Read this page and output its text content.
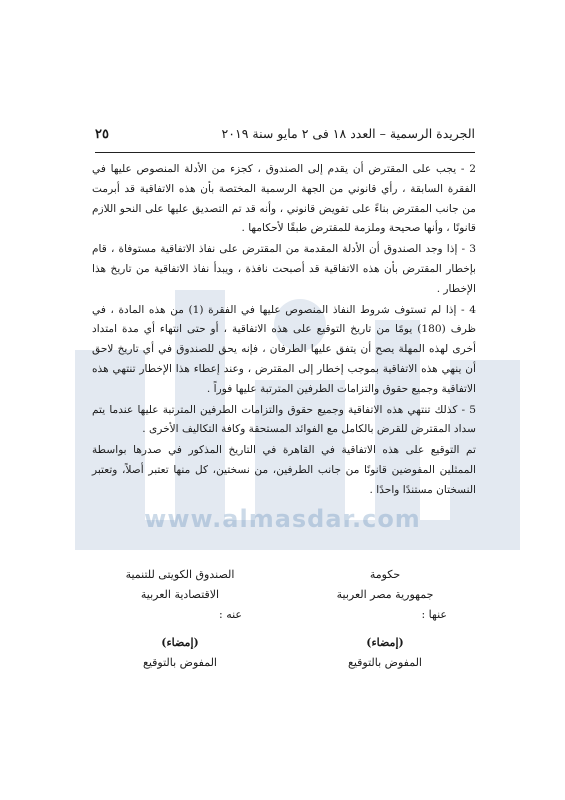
www.almasdar.com
الجريدة الرسمية – العدد ١٨ فى ٢ مايو سنة ٢٠١٩
٢٥

2 - يجب على المقترض أن يقدم إلى الصندوق ، كجزء من الأدلة المنصوص عليها في الفقرة السابقة ، رأي قانوني من الجهة الرسمية المختصة بأن هذه الاتفاقية قد أبرمت من جانب المقترض بناءً على تفويض قانوني ، وأنه قد تم التصديق عليها على النحو اللازم قانونًا ، وأنها صحيحة وملزمة للمقترض طبقًا لأحكامها .

3 - إذا وجد الصندوق أن الأدلة المقدمة من المقترض على نفاذ الاتفاقية مستوفاة ، قام بإخطار المقترض بأن هذه الاتفاقية قد أصبحت نافذة ، ويبدأ نفاذ الاتفاقية من تاريخ هذا الإخطار .

4 - إذا لم تستوف شروط النفاذ المنصوص عليها في الفقرة (1) من هذه المادة ، في ظرف (180) يومًا من تاريخ التوقيع على هذه الاتفاقية ، أو حتى انتهاء أي مدة امتداد أخرى لهذه المهلة يصح أن يتفق عليها الطرفان ، فإنه يحق للصندوق في أي تاريخ لاحق أن ينهي هذه الاتفاقية بموجب إخطار إلى المقترض ، وعند إعطاء هذا الإخطار تنتهي هذه الاتفاقية وجميع حقوق والتزامات الطرفين المترتبة عليها فوراً .

5 - كذلك تنتهي هذه الاتفاقية وجميع حقوق والتزامات الطرفين المترتبة عليها عندما يتم سداد المقترض للقرض بالكامل مع الفوائد المستحقة وكافة التكاليف الأخرى .

تم التوقيع على هذه الاتفاقية في القاهرة في التاريخ المذكور في صدرها بواسطة الممثلين المفوضين قانونًا من جانب الطرفين، من نسختين، كل منها تعتبر أصلاً، وتعتبر النسختان مستندًا واحدًا .

حكومة
جمهورية مصر العربية
عنها :
(إمضاء)
المفوض بالتوقيع
الصندوق الكويتى للتنمية
الاقتصادية العربية
عنه :
(إمضاء)
المفوض بالتوقيع
